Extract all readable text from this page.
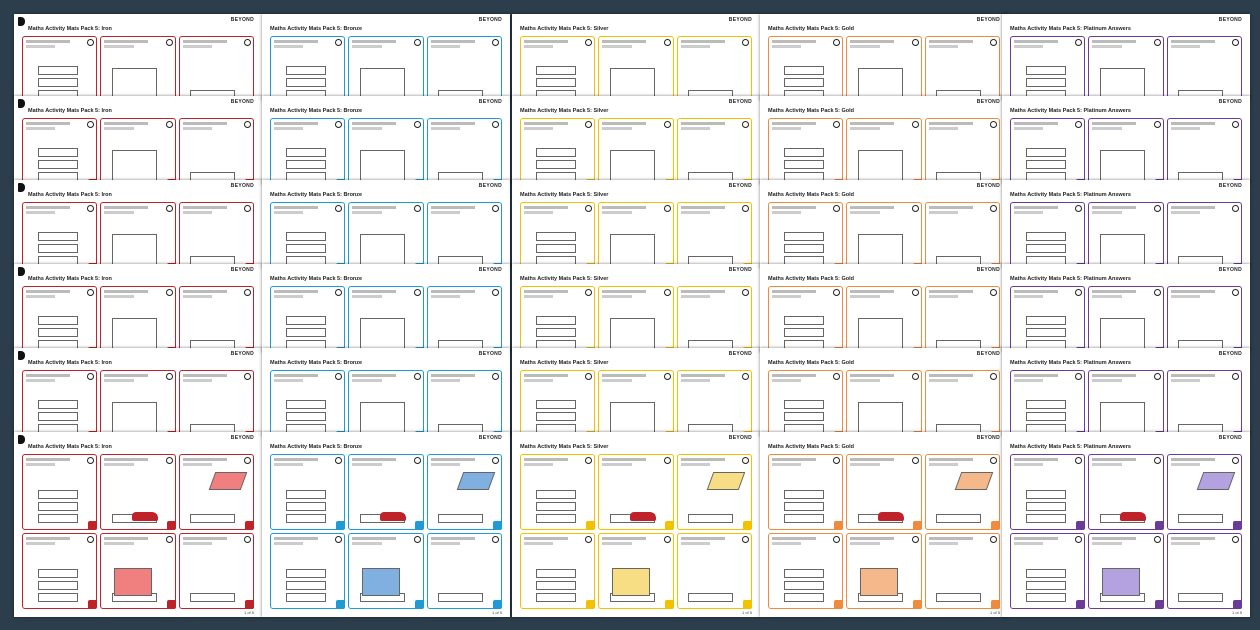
BEYOND
Maths Activity Mats Pack 5: Iron
BEYOND
Maths Activity Mats Pack 5: Iron
BEYOND
Maths Activity Mats Pack 5: Iron
BEYOND
Maths Activity Mats Pack 5: Iron
BEYOND
Maths Activity Mats Pack 5: Iron
BEYOND
Maths Activity Mats Pack 5: Iron
1 of 5
BEYOND
Maths Activity Mats Pack 5: Bronze
BEYOND
Maths Activity Mats Pack 5: Bronze
BEYOND
Maths Activity Mats Pack 5: Bronze
BEYOND
Maths Activity Mats Pack 5: Bronze
BEYOND
Maths Activity Mats Pack 5: Bronze
BEYOND
Maths Activity Mats Pack 5: Bronze
1 of 5
BEYOND
Maths Activity Mats Pack 5: Silver
BEYOND
Maths Activity Mats Pack 5: Silver
BEYOND
Maths Activity Mats Pack 5: Silver
BEYOND
Maths Activity Mats Pack 5: Silver
BEYOND
Maths Activity Mats Pack 5: Silver
BEYOND
Maths Activity Mats Pack 5: Silver
1 of 5
BEYOND
Maths Activity Mats Pack 5: Gold
BEYOND
Maths Activity Mats Pack 5: Gold
BEYOND
Maths Activity Mats Pack 5: Gold
BEYOND
Maths Activity Mats Pack 5: Gold
BEYOND
Maths Activity Mats Pack 5: Gold
BEYOND
Maths Activity Mats Pack 5: Gold
1 of 5
BEYOND
Maths Activity Mats Pack 5: Platinum Answers
BEYOND
Maths Activity Mats Pack 5: Platinum Answers
BEYOND
Maths Activity Mats Pack 5: Platinum Answers
BEYOND
Maths Activity Mats Pack 5: Platinum Answers
BEYOND
Maths Activity Mats Pack 5: Platinum Answers
BEYOND
Maths Activity Mats Pack 5: Platinum Answers
1 of 5
